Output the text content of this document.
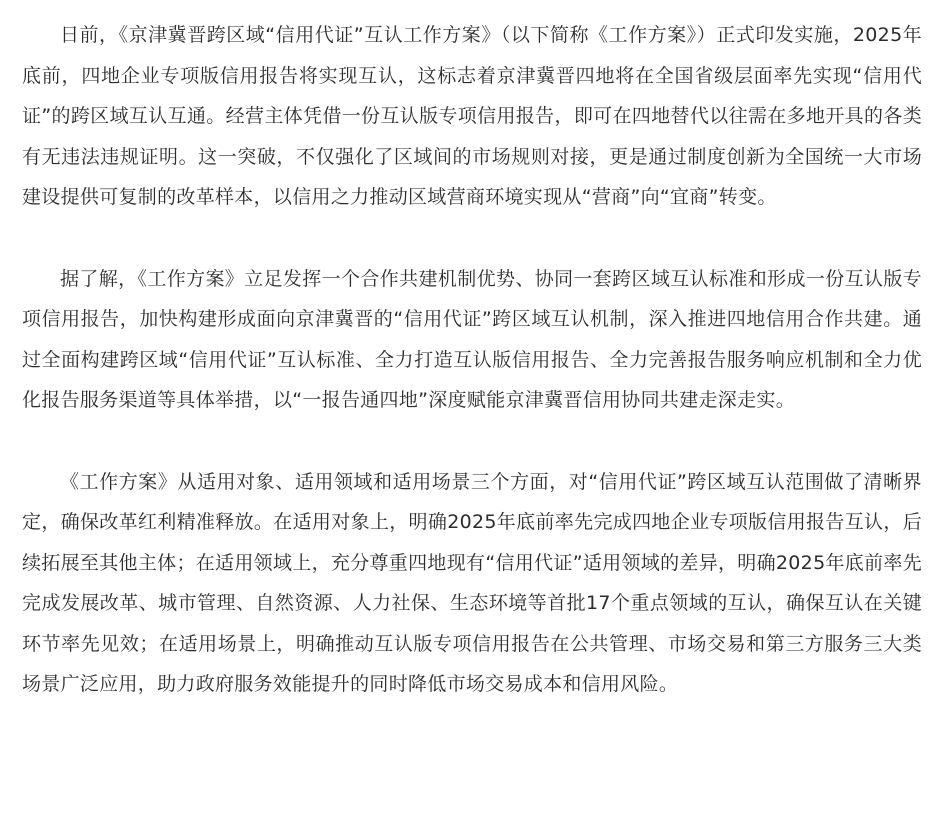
日前，《京津冀晋跨区域“信用代证”互认工作方案》（以下简称《工作方案》）正式印发实施，2025年底前，四地企业专项版信用报告将实现互认，这标志着京津冀晋四地将在全国省级层面率先实现“信用代证”的跨区域互认互通。经营主体凭借一份互认版专项信用报告，即可在四地替代以往需在多地开具的各类有无违法违规证明。这一突破，不仅强化了区域间的市场规则对接，更是通过制度创新为全国统一大市场建设提供可复制的改革样本，以信用之力推动区域营商环境实现从“营商”向“宜商”转变。

据了解，《工作方案》立足发挥一个合作共建机制优势、协同一套跨区域互认标准和形成一份互认版专项信用报告，加快构建形成面向京津冀晋的“信用代证”跨区域互认机制，深入推进四地信用合作共建。通过全面构建跨区域“信用代证”互认标准、全力打造互认版信用报告、全力完善报告服务响应机制和全力优化报告服务渠道等具体举措，以“一报告通四地”深度赋能京津冀晋信用协同共建走深走实。

《工作方案》从适用对象、适用领域和适用场景三个方面，对“信用代证”跨区域互认范围做了清晰界定，确保改革红利精准释放。在适用对象上，明确2025年底前率先完成四地企业专项版信用报告互认，后续拓展至其他主体；在适用领域上，充分尊重四地现有“信用代证”适用领域的差异，明确2025年底前率先完成发展改革、城市管理、自然资源、人力社保、生态环境等首批17个重点领域的互认，确保互认在关键环节率先见效；在适用场景上，明确推动互认版专项信用报告在公共管理、市场交易和第三方服务三大类场景广泛应用，助力政府服务效能提升的同时降低市场交易成本和信用风险。
